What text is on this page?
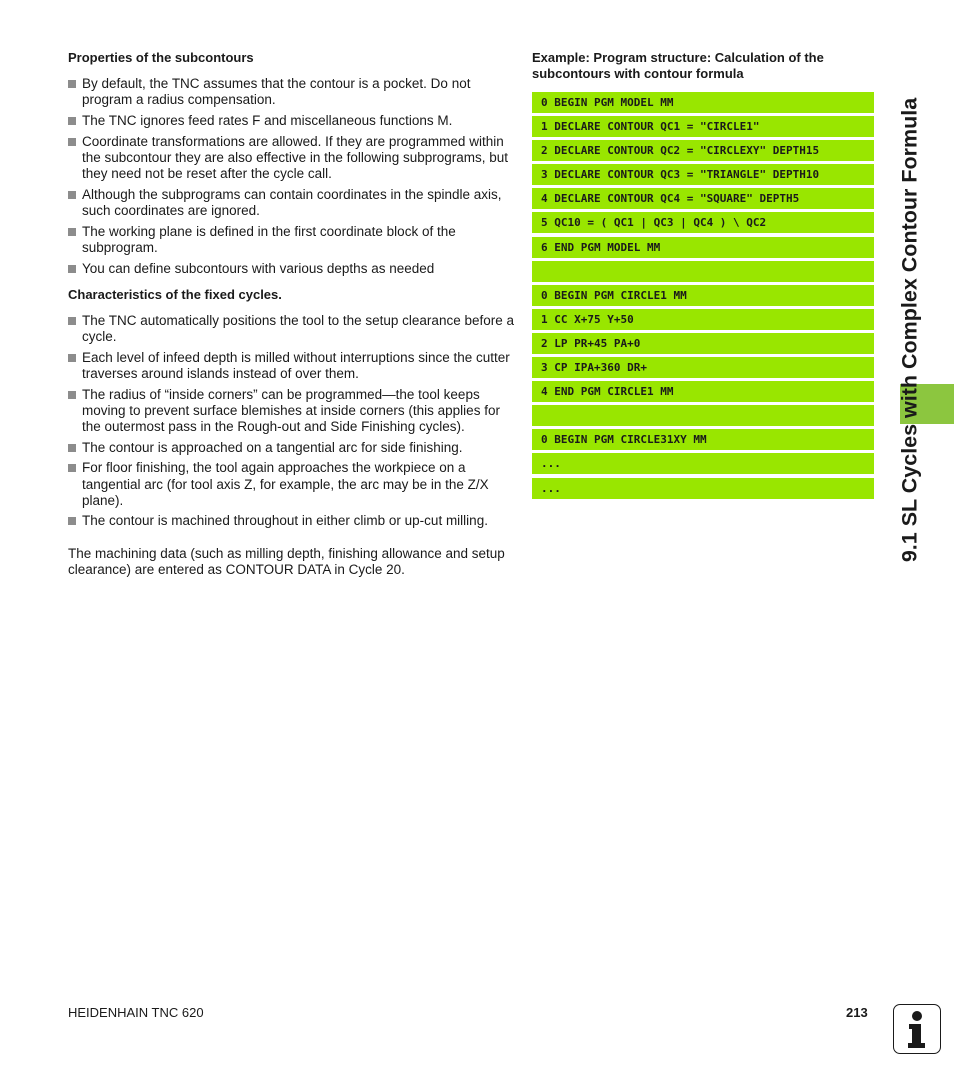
Properties of the subcontours
By default, the TNC assumes that the contour is a pocket. Do not program a radius compensation.
The TNC ignores feed rates F and miscellaneous functions M.
Coordinate transformations are allowed. If they are programmed within the subcontour they are also effective in the following subprograms, but they need not be reset after the cycle call.
Although the subprograms can contain coordinates in the spindle axis, such coordinates are ignored.
The working plane is defined in the first coordinate block of the subprogram.
You can define subcontours with various depths as needed
Characteristics of the fixed cycles.
The TNC automatically positions the tool to the setup clearance before a cycle.
Each level of infeed depth is milled without interruptions since the cutter traverses around islands instead of over them.
The radius of “inside corners” can be programmed—the tool keeps moving to prevent surface blemishes at inside corners (this applies for the outermost pass in the Rough-out and Side Finishing cycles).
The contour is approached on a tangential arc for side finishing.
For floor finishing, the tool again approaches the workpiece on a tangential arc (for tool axis Z, for example, the arc may be in the Z/X plane).
The contour is machined throughout in either climb or up-cut milling.
The machining data (such as milling depth, finishing allowance and setup clearance) are entered as CONTOUR DATA in Cycle 20.
Example: Program structure: Calculation of the subcontours with contour formula
0 BEGIN PGM MODEL MM
1 DECLARE CONTOUR QC1 = "CIRCLE1"
2 DECLARE CONTOUR QC2 = "CIRCLEXY" DEPTH15
3 DECLARE CONTOUR QC3 = "TRIANGLE" DEPTH10
4 DECLARE CONTOUR QC4 = "SQUARE" DEPTH5
5 QC10 = ( QC1 | QC3 | QC4 ) \ QC2
6 END PGM MODEL MM
0 BEGIN PGM CIRCLE1 MM
1 CC X+75 Y+50
2 LP PR+45 PA+0
3 CP IPA+360 DR+
4 END PGM CIRCLE1 MM
0 BEGIN PGM CIRCLE31XY MM
...
...	9.1 SL Cycles with Complex Contour Formula
HEIDENHAIN TNC 620	213
